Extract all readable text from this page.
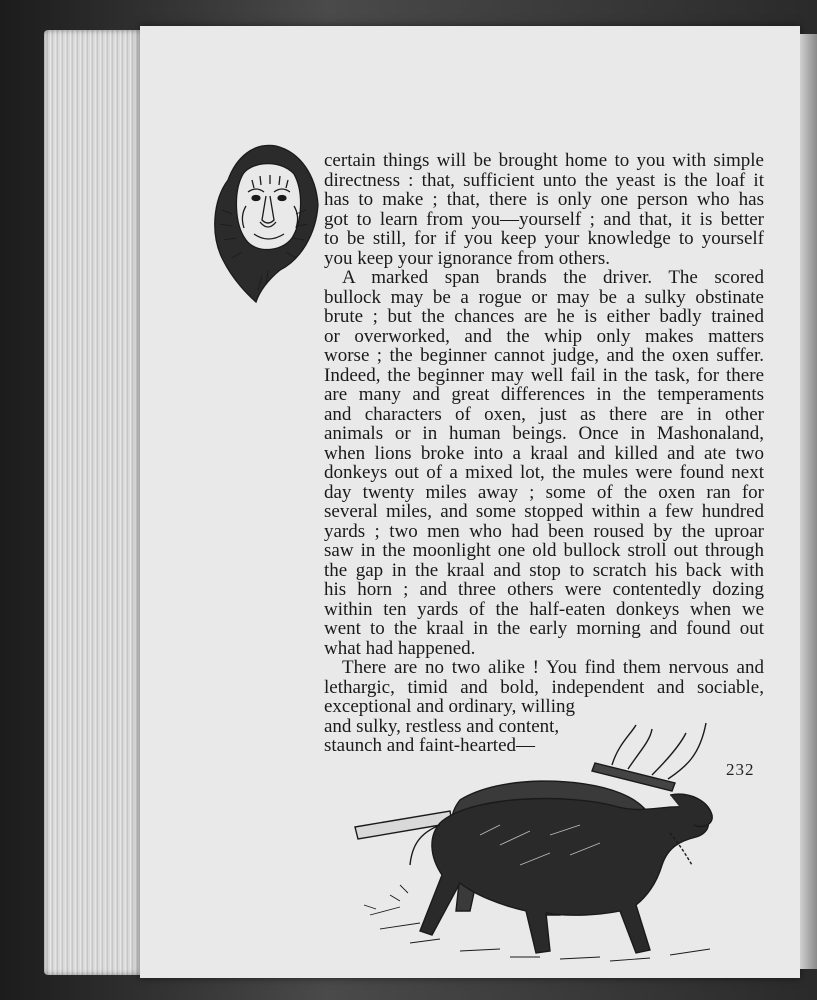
certain things will be brought home to you with simple
directness : that, sufficient unto the yeast is the loaf it
has to make ; that, there is only one person who has
got to learn from you—yourself ; and that, it is better
to be still, for if you keep your knowledge to yourself
you keep your ignorance from others.
A marked span brands the driver. The scored
bullock may be a rogue or may be a sulky obstinate
brute ; but the chances are he is either badly trained
or overworked, and the whip only makes matters
worse ; the beginner cannot judge, and the oxen suffer.
Indeed, the beginner may well fail in the task, for there
are many and great differences in the temperaments
and characters of oxen, just as there are in other
animals or in human beings. Once in Mashonaland,
when lions broke into a kraal and killed and ate two
donkeys out of a mixed lot, the mules were found next
day twenty miles away ; some of the oxen ran for
several miles, and some stopped within a few hundred
yards ; two men who had been roused by the uproar
saw in the moonlight one old bullock stroll out through
the gap in the kraal and stop to scratch his back with
his horn ; and three others were contentedly dozing
within ten yards of the half-eaten donkeys when we
went to the kraal in the early morning and found out
what had happened.
There are no two alike ! You find them nervous and
lethargic, timid and bold, independent and sociable,
exceptional and ordinary, willing
and sulky, restless and content,
staunch and faint-hearted—
232
